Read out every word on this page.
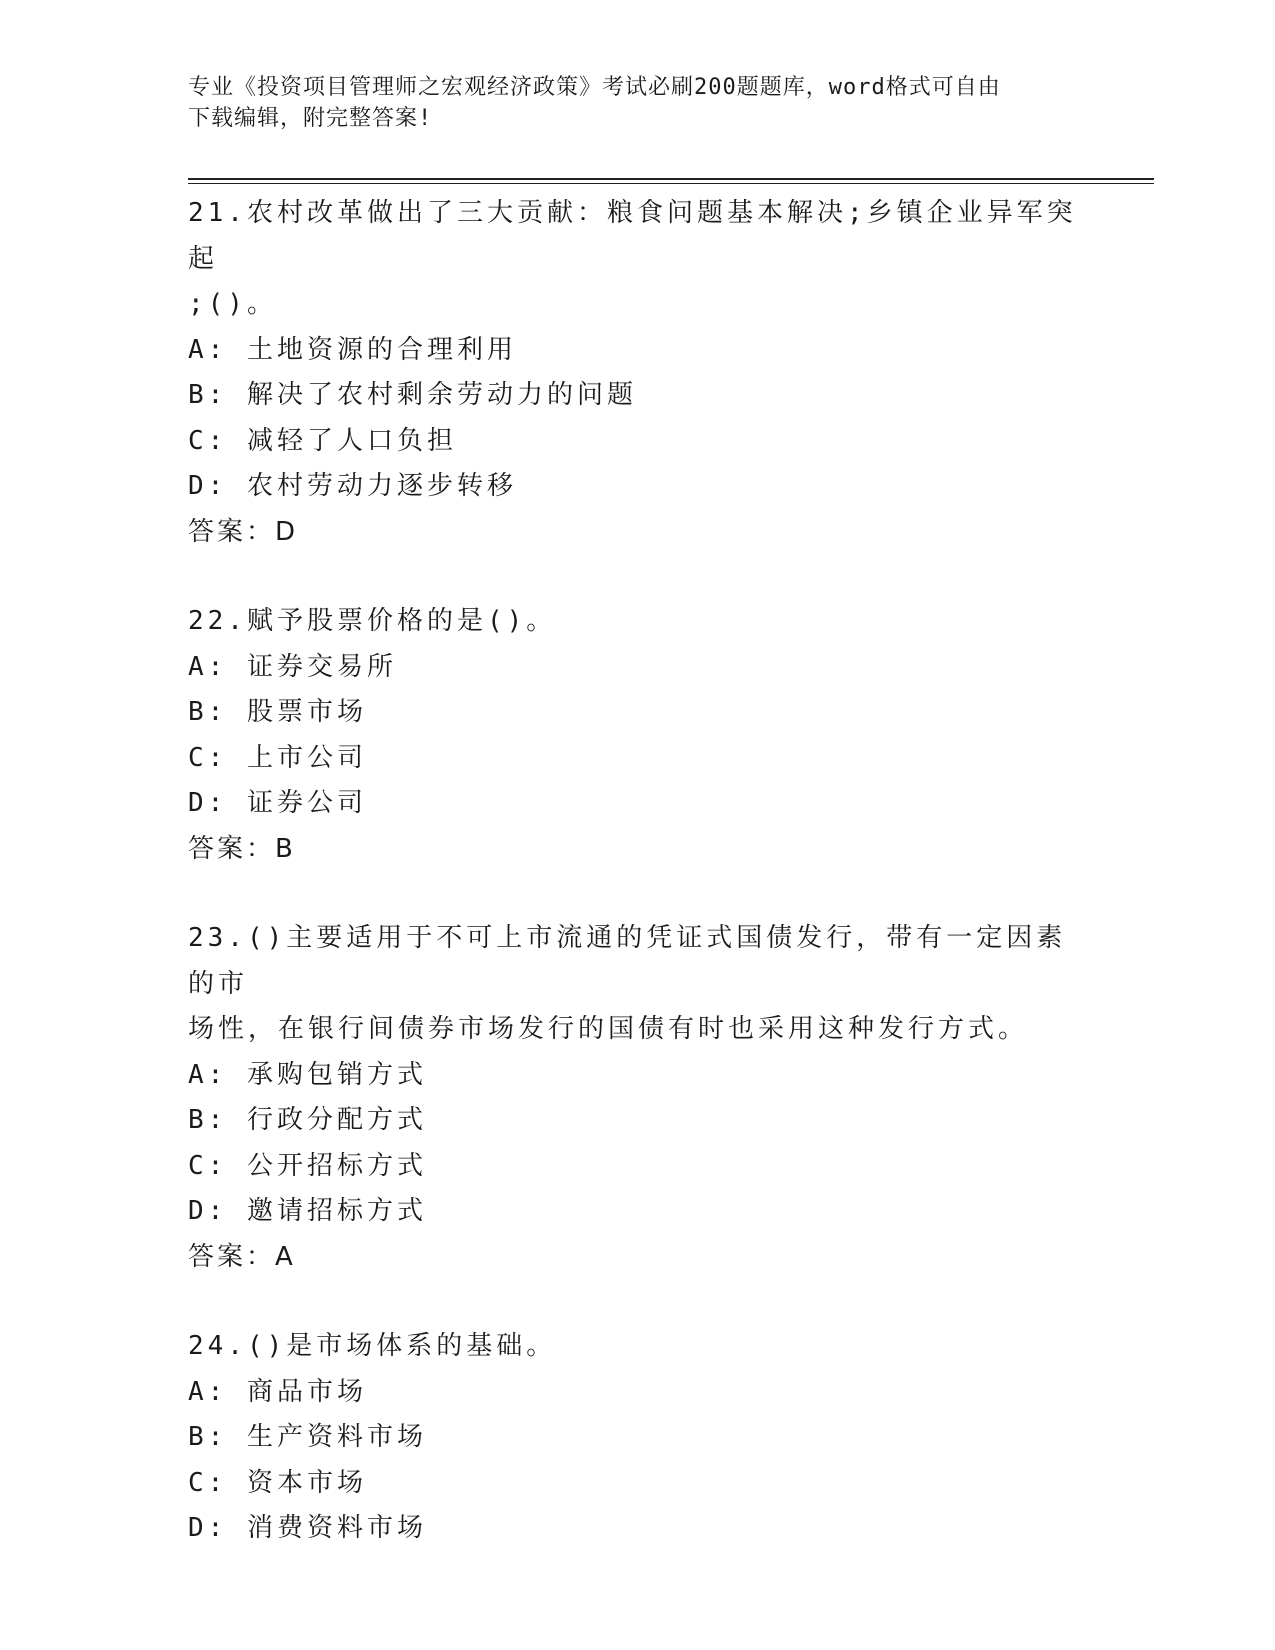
专业《投资项目管理师之宏观经济政策》考试必刷200题题库，word格式可自由
下载编辑，附完整答案!
21.农村改革做出了三大贡献：粮食问题基本解决;乡镇企业异军突起
;()。
A: 土地资源的合理利用
B: 解决了农村剩余劳动力的问题
C: 减轻了人口负担
D: 农村劳动力逐步转移
答案：D
22.赋予股票价格的是()。
A: 证券交易所
B: 股票市场
C: 上市公司
D: 证券公司
答案：B
23.()主要适用于不可上市流通的凭证式国债发行，带有一定因素的市
场性，在银行间债券市场发行的国债有时也采用这种发行方式。
A: 承购包销方式
B: 行政分配方式
C: 公开招标方式
D: 邀请招标方式
答案：A
24.()是市场体系的基础。
A: 商品市场
B: 生产资料市场
C: 资本市场
D: 消费资料市场
